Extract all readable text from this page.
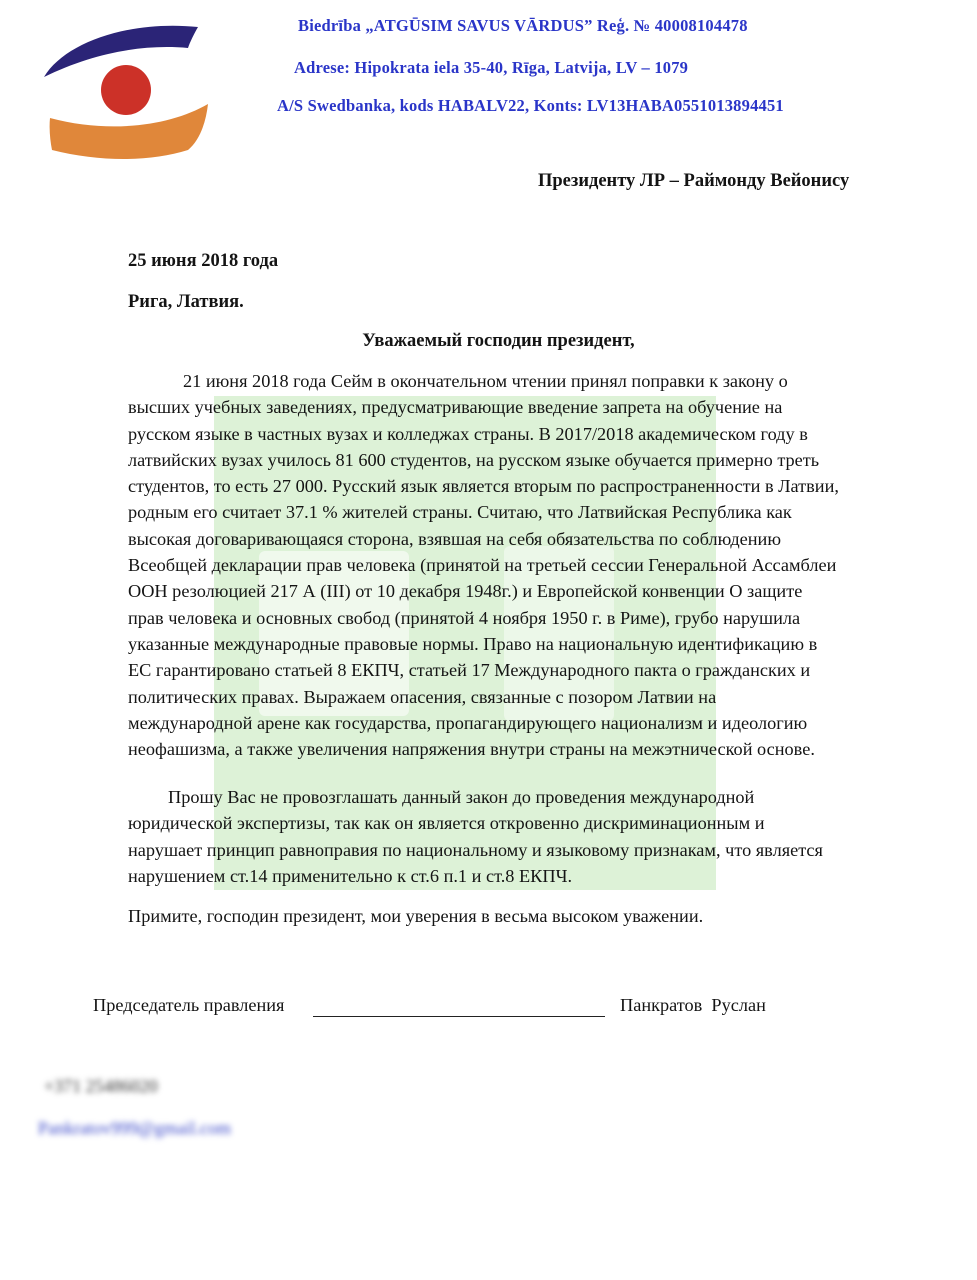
Biedrība „ATGŪSIM SAVUS VĀRDUS” Reģ. № 40008104478
Adrese: Hipokrata iela 35-40, Rīga, Latvija, LV – 1079
A/S Swedbanka, kods HABALV22, Konts: LV13HABA0551013894451
Президенту ЛР – Раймонду Вейонису
25 июня 2018 года
Рига, Латвия.
Уважаемый господин президент,
21 июня 2018 года Сейм в окончательном чтении принял поправки к закону о
высших учебных заведениях, предусматривающие введение запрета на обучение на
русском языке в частных вузах и колледжах страны. В 2017/2018 академическом году в
латвийских вузах училось 81 600 студентов, на русском языке обучается примерно треть
студентов, то есть 27 000. Русский язык является вторым по распространенности в Латвии,
родным его считает 37.1 % жителей страны. Считаю, что Латвийская Республика как
высокая договаривающаяся сторона, взявшая на себя обязательства по соблюдению
Всеобщей декларации прав человека (принятой на третьей сессии Генеральной Ассамблеи
ООН резолюцией 217 А (III) от 10 декабря 1948г.) и Европейской конвенции О защите
прав человека и основных свобод (принятой 4 ноября 1950 г. в Риме), грубо нарушила
указанные международные правовые нормы. Право на национальную идентификацию в
ЕС гарантировано статьей 8 ЕКПЧ, статьей 17 Международного пакта о гражданских и
политических правах. Выражаем опасения, связанные с позором Латвии на
международной арене как государства, пропагандирующего национализм и идеологию
неофашизма, а также увеличения напряжения внутри страны на межэтнической основе.
Прошу Вас не провозглашать данный закон до проведения международной
юридической экспертизы, так как он является откровенно дискриминационным и
нарушает принцип равноправия по национальному и языковому признакам, что является
нарушением ст.14 применительно к ст.6 п.1 и ст.8 ЕКПЧ.
Примите, господин президент, мои уверения в весьма высоком уважении.
Председатель правления	Панкратов  Руслан
+371 25486020
Pankratov999@gmail.com
